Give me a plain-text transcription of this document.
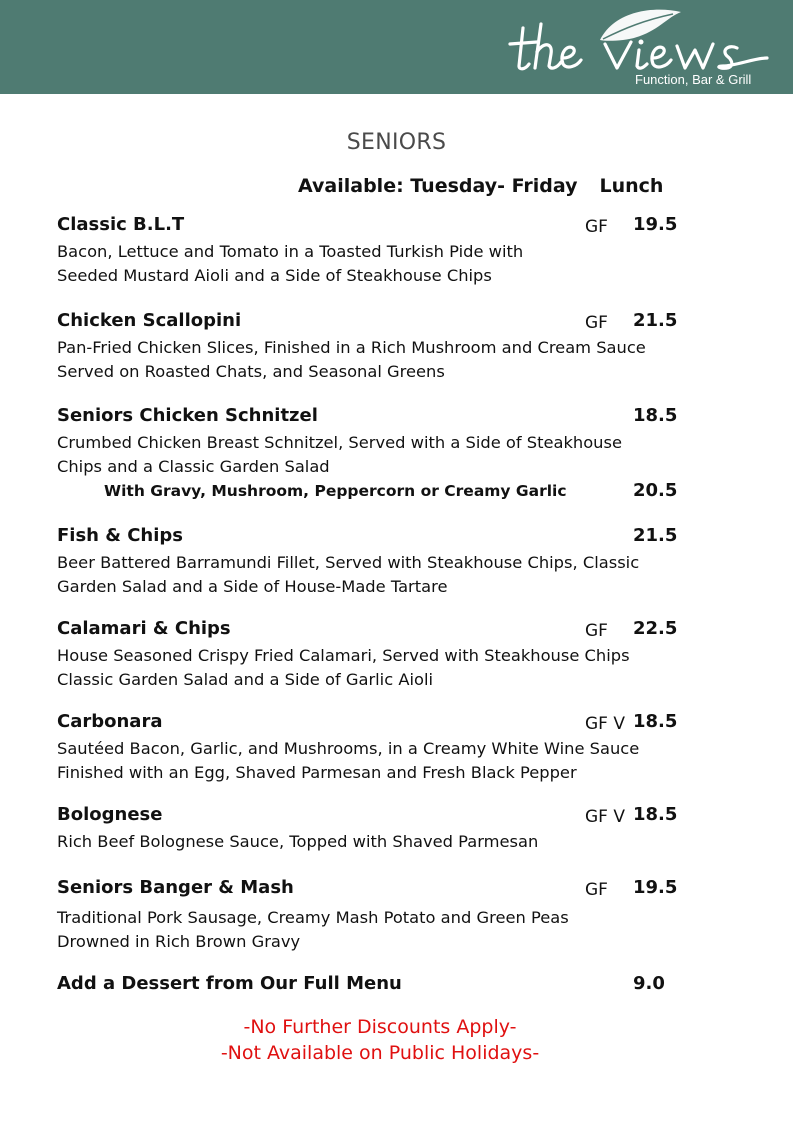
Function, Bar & Grill
SENIORS
Available: Tuesday- Friday Lunch
Classic B.L.T	GF 19.5
Bacon, Lettuce and Tomato in a Toasted Turkish Pide with
Seeded Mustard Aioli and a Side of Steakhouse Chips
Chicken Scallopini	GF 21.5
Pan-Fried Chicken Slices, Finished in a Rich Mushroom and Cream Sauce
Served on Roasted Chats, and Seasonal Greens
Seniors Chicken Schnitzel	18.5
Crumbed Chicken Breast Schnitzel, Served with a Side of Steakhouse
Chips and a Classic Garden Salad
With Gravy, Mushroom, Peppercorn or Creamy Garlic	20.5
Fish & Chips	21.5
Beer Battered Barramundi Fillet, Served with Steakhouse Chips, Classic
Garden Salad and a Side of House-Made Tartare
Calamari & Chips	GF 22.5
House Seasoned Crispy Fried Calamari, Served with Steakhouse Chips
Classic Garden Salad and a Side of Garlic Aioli
Carbonara	GF V 18.5
Sautéed Bacon, Garlic, and Mushrooms, in a Creamy White Wine Sauce
Finished with an Egg, Shaved Parmesan and Fresh Black Pepper
Bolognese	GF V 18.5
Rich Beef Bolognese Sauce, Topped with Shaved Parmesan
Seniors Banger & Mash	GF 19.5
Traditional Pork Sausage, Creamy Mash Potato and Green Peas
Drowned in Rich Brown Gravy
Add a Dessert from Our Full Menu	9.0
-No Further Discounts Apply-
-Not Available on Public Holidays-
